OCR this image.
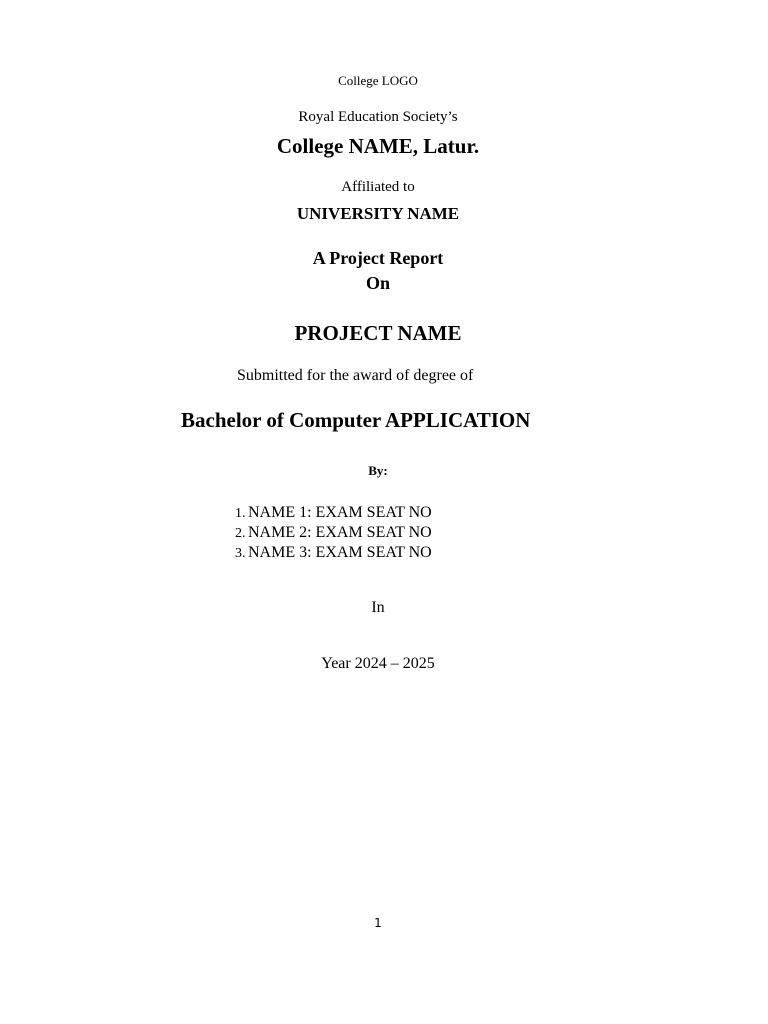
College LOGO
Royal Education Society’s
College NAME, Latur.
Affiliated to
UNIVERSITY NAME
A Project Report
On
PROJECT NAME
Submitted for the award of degree of
Bachelor of Computer APPLICATION
By:
1. NAME 1: EXAM SEAT NO
2. NAME 2: EXAM SEAT NO
3. NAME 3: EXAM SEAT NO
In
Year 2024 – 2025
1
